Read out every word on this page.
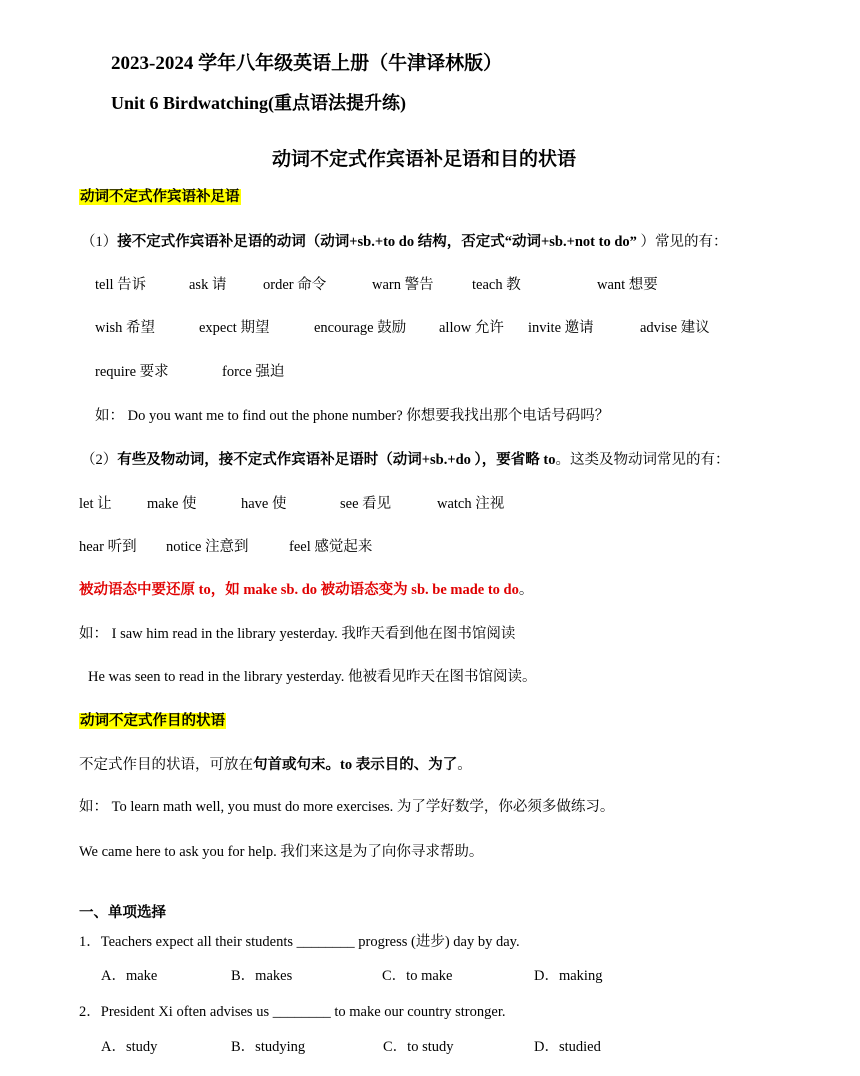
2023-2024 学年八年级英语上册（牛津译林版）
Unit 6 Birdwatching(重点语法提升练)
动词不定式作宾语补足语和目的状语
动词不定式作宾语补足语
（1）接不定式作宾语补足语的动词（动词+sb.+to do 结构，否定式“动词+sb.+not to do” ）常见的有：
tell 告诉	ask 请	order 命令	warn 警告	teach 教	want 想要
wish 希望	expect 期望	encourage 鼓励 allow 允许 invite 邀请	advise 建议
require 要求	force 强迫
如： Do you want me to find out the phone number? 你想要我找出那个电话号码吗？
（2）有些及物动词，接不定式作宾语补足语时（动词+sb.+do ），要省略 to。这类及物动词常见的有：
let 让 make 使	have 使	see 看见	watch 注视
hear 听到 notice 注意到	feel 感觉起来
被动语态中要还原 to，如 make sb. do 被动语态变为 sb. be made to do。
如： I saw him read in the library yesterday. 我昨天看到他在图书馆阅读
He was seen to read in the library yesterday. 他被看见昨天在图书馆阅读。
动词不定式作目的状语
不定式作目的状语，可放在句首或句末。to 表示目的、为了。
如： To learn math well, you must do more exercises. 为了学好数学，你必须多做练习。
We came here to ask you for help. 我们来这是为了向你寻求帮助。
一、单项选择
1．Teachers expect all their students ________ progress (进步) day by day.
A．make	B．makes	C．to make	D．making
2．President Xi often advises us ________ to make our country stronger.
A．study	B．studying	C．to study	D．studied
